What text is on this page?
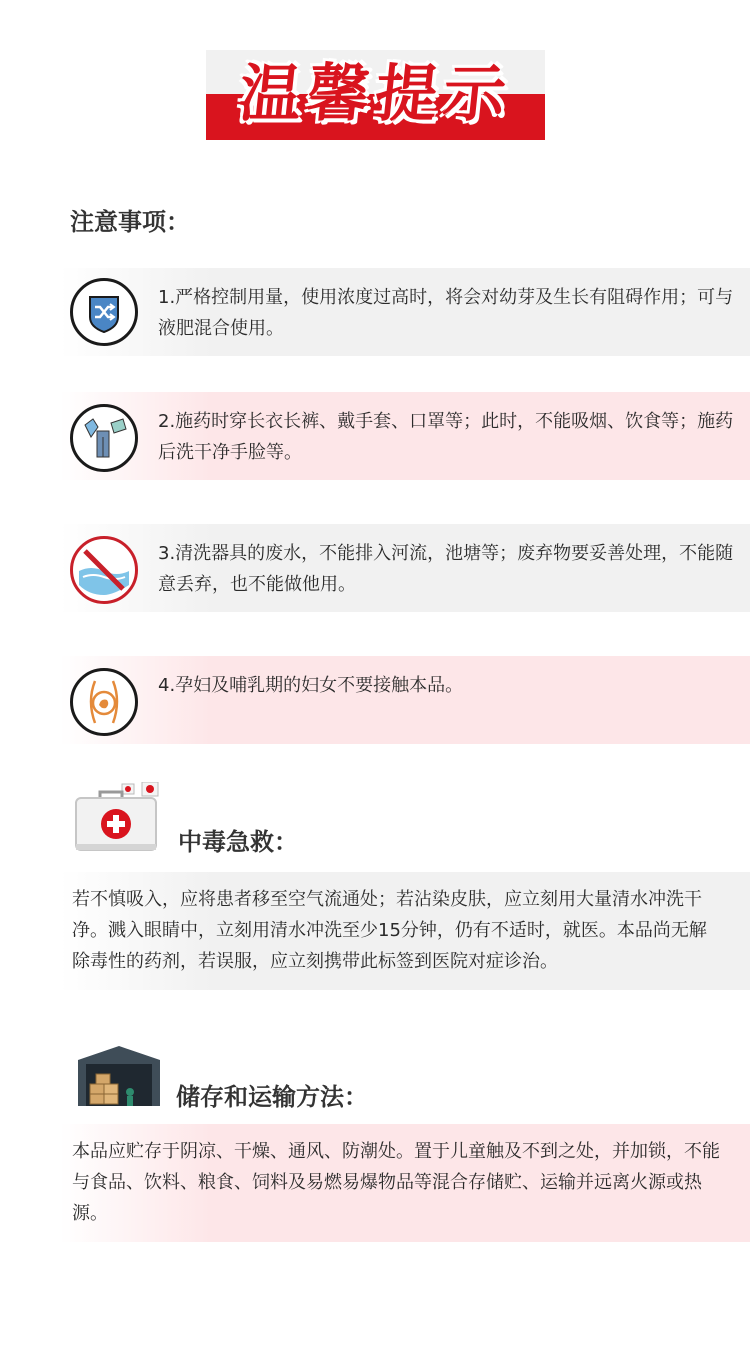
温馨提示
注意事项：
1.严格控制用量，使用浓度过高时，将会对幼芽及生长有阻碍作用；可与液肥混合使用。
2.施药时穿长衣长裤、戴手套、口罩等；此时，不能吸烟、饮食等；施药后洗干净手脸等。
3.清洗器具的废水，不能排入河流，池塘等；废弃物要妥善处理，不能随意丢弃，也不能做他用。
4.孕妇及哺乳期的妇女不要接触本品。
中毒急救：
若不慎吸入，应将患者移至空气流通处；若沾染皮肤，应立刻用大量清水冲洗干净。溅入眼睛中，立刻用清水冲洗至少15分钟，仍有不适时，就医。本品尚无解除毒性的药剂，若误服，应立刻携带此标签到医院对症诊治。
储存和运输方法：
本品应贮存于阴凉、干燥、通风、防潮处。置于儿童触及不到之处，并加锁，不能与食品、饮料、粮食、饲料及易燃易爆物品等混合存储贮、运输并远离火源或热源。
